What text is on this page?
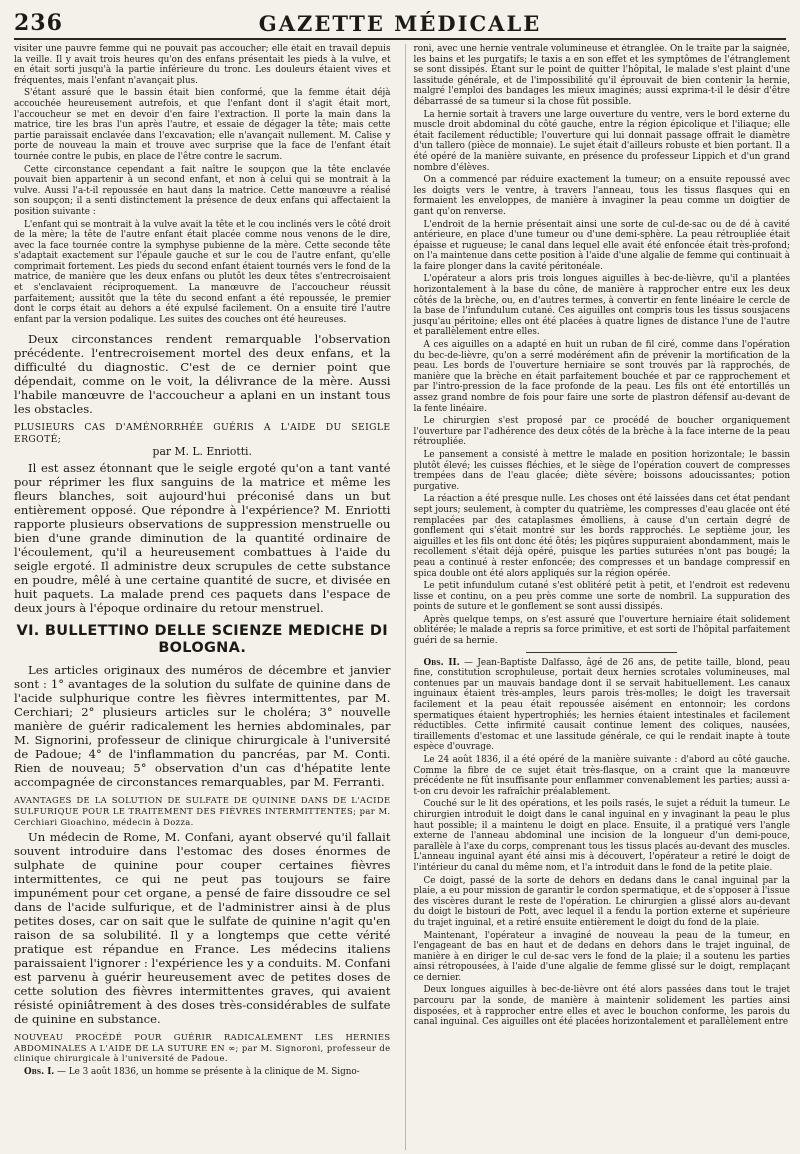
236	GAZETTE MÉDICALE

visiter une pauvre femme qui ne pouvait pas accoucher; elle était en travail depuis la veille. Il y avait trois heures qu'on des enfans présentait les pieds à la vulve, et en était sorti jusqu'à la partie inférieure du tronc. Les douleurs étaient vives et fréquentes, mais l'enfant n'avançait plus.

S'étant assuré que le bassin était bien conformé, que la femme était déjà accouchée heureusement autrefois, et que l'enfant dont il s'agit était mort, l'accoucheur se met en devoir d'en faire l'extraction. Il porte la main dans la matrice, tire les bras l'un après l'autre, et essaie de dégager la tête; mais cette partie paraissait enclavée dans l'excavation; elle n'avançait nullement. M. Calise y porte de nouveau la main et trouve avec surprise que la face de l'enfant était tournée contre le pubis, en place de l'être contre le sacrum.

Cette circonstance cependant a fait naître le soupçon que la tête enclavée pouvait bien appartenir à un second enfant, et non à celui qui se montrait à la vulve. Aussi l'a-t-il repoussée en haut dans la matrice. Cette manœuvre a réalisé son soupçon; il a senti distinctement la présence de deux enfans qui affectaient la position suivante :

L'enfant qui se montrait à la vulve avait la tête et le cou inclinés vers le côté droit de la mère; la tête de l'autre enfant était placée comme nous venons de le dire, avec la face tournée contre la symphyse pubienne de la mère. Cette seconde tête s'adaptait exactement sur l'épaule gauche et sur le cou de l'autre enfant, qu'elle comprimait fortement. Les pieds du second enfant étaient tournés vers le fond de la matrice, de manière que les deux enfans ou plutôt les deux têtes s'entrecroisaient et s'enclavaient réciproquement. La manœuvre de l'accoucheur réussit parfaitement; aussitôt que la tête du second enfant a été repoussée, le premier dont le corps était au dehors a été expulsé facilement. On a ensuite tiré l'autre enfant par la version podalique. Les suites des couches ont été heureuses.

Deux circonstances rendent remarquable l'observation précédente. l'entrecroisement mortel des deux enfans, et la difficulté du diagnostic. C'est de ce dernier point que dépendait, comme on le voit, la délivrance de la mère. Aussi l'habile manœuvre de l'accoucheur a aplani en un instant tous les obstacles.

PLUSIEURS CAS D'AMÉNORRHÉE GUÉRIS A L'AIDE DU SEIGLE ERGOTÉ;
par M. L. Enriotti.

Il est assez étonnant que le seigle ergoté qu'on a tant vanté pour réprimer les flux sanguins de la matrice et même les fleurs blanches, soit aujourd'hui préconisé dans un but entièrement opposé. Que répondre à l'expérience? M. Enriotti rapporte plusieurs observations de suppression menstruelle ou bien d'une grande diminution de la quantité ordinaire de l'écoulement, qu'il a heureusement combattues à l'aide du seigle ergoté. Il administre deux scrupules de cette substance en poudre, mêlé à une certaine quantité de sucre, et divisée en huit paquets. La malade prend ces paquets dans l'espace de deux jours à l'époque ordinaire du retour menstruel.

VI. BULLETTINO DELLE SCIENZE MEDICHE DI BOLOGNA.

Les articles originaux des numéros de décembre et janvier sont : 1° avantages de la solution du sulfate de quinine dans de l'acide sulphurique contre les fièvres intermittentes, par M. Cerchiari; 2° plusieurs articles sur le choléra; 3° nouvelle manière de guérir radicalement les hernies abdominales, par M. Signorini, professeur de clinique chirurgicale à l'université de Padoue; 4° de l'inflammation du pancréas, par M. Conti. Rien de nouveau; 5° observation d'un cas d'hépatite lente accompagnée de circonstances remarquables, par M. Ferranti.

AVANTAGES DE LA SOLUTION DE SULFATE DE QUININE DANS DE L'ACIDE SULFURIQUE POUR LE TRAITEMENT DES FIÈVRES INTERMITTENTES; par M. Cerchiari Gioachino, médecin à Dozza.

Un médecin de Rome, M. Confani, ayant observé qu'il fallait souvent introduire dans l'estomac des doses énormes de sulphate de quinine pour couper certaines fièvres intermittentes, ce qui ne peut pas toujours se faire impunément pour cet organe, a pensé de faire dissoudre ce sel dans de l'acide sulfurique, et de l'administrer ainsi à de plus petites doses, car on sait que le sulfate de quinine n'agit qu'en raison de sa solubilité. Il y a longtemps que cette vérité pratique est répandue en France. Les médecins italiens paraissaient l'ignorer : l'expérience les y a conduits. M. Confani est parvenu à guérir heureusement avec de petites doses de cette solution des fièvres intermittentes graves, qui avaient résisté opiniâtrement à des doses très-considérables de sulfate de quinine en substance.

NOUVEAU PROCÉDÉ POUR GUÉRIR RADICALEMENT LES HERNIES ABDOMINALES A L'AIDE DE LA SUTURE EN ∞; par M. Signoroni, professeur de clinique chirurgicale à l'université de Padoue.

Obs. I. — Le 3 août 1836, un homme se présente à la clinique de M. Signo-

roni, avec une hernie ventrale volumineuse et étranglée. On le traite par la saignée, les bains et les purgatifs; le taxis a en son effet et les symptômes de l'étranglement se sont dissipés. Étant sur le point de quitter l'hôpital, le malade s'est plaint d'une lassitude générale, et de l'impossibilité qu'il éprouvait de bien contenir la hernie, malgré l'emploi des bandages les mieux imaginés; aussi exprima-t-il le désir d'être débarrassé de sa tumeur si la chose fût possible.

La hernie sortait à travers une large ouverture du ventre, vers le bord externe du muscle droit abdominal du côté gauche, entre la région épicolique et l'iliaque; elle était facilement réductible; l'ouverture qui lui donnait passage offrait le diamètre d'un tallero (pièce de monnaie). Le sujet était d'ailleurs robuste et bien portant. Il a été opéré de la manière suivante, en présence du professeur Lippich et d'un grand nombre d'élèves.

On a commencé par réduire exactement la tumeur; on a ensuite repoussé avec les doigts vers le ventre, à travers l'anneau, tous les tissus flasques qui en formaient les enveloppes, de manière à invaginer la peau comme un doigtier de gant qu'on renverse.

L'endroit de la hernie présentait ainsi une sorte de cul-de-sac ou de dé à cavité antérieure, en place d'une tumeur ou d'une demi-sphère. La peau rétroupliée était épaisse et rugueuse; le canal dans lequel elle avait été enfoncée était très-profond; on l'a maintenue dans cette position à l'aide d'une algalie de femme qui continuait à la faire plonger dans la cavité péritonéale.

L'opérateur a alors pris trois longues aiguilles à bec-de-lièvre, qu'il a plantées horizontalement à la base du cône, de manière à rapprocher entre eux les deux côtés de la brèche, ou, en d'autres termes, à convertir en fente linéaire le cercle de la base de l'infundulum cutané. Ces aiguilles ont compris tous les tissus sousjacens jusqu'au péritoine; elles ont été placées à quatre lignes de distance l'une de l'autre et parallèlement entre elles.

A ces aiguilles on a adapté en huit un ruban de fil ciré, comme dans l'opération du bec-de-lièvre, qu'on a serré modérément afin de prévenir la mortification de la peau. Les bords de l'ouverture herniaire se sont trouvés par là rapprochés, de manière que la brèche en était parfaitement bouchée et par ce rapprochement et par l'intro-pression de la face profonde de la peau. Les fils ont été entortillés un assez grand nombre de fois pour faire une sorte de plastron défensif au-devant de la fente linéaire.

Le chirurgien s'est proposé par ce procédé de boucher organiquement l'ouverture par l'adhérence des deux côtés de la brèche à la face interne de la peau rétroupliée.

Le pansement a consisté à mettre le malade en position horizontale; le bassin plutôt élevé; les cuisses fléchies, et le siège de l'opération couvert de compresses trempées dans de l'eau glacée; diète sévère; boissons adoucissantes; potion purgative.

La réaction a été presque nulle. Les choses ont été laissées dans cet état pendant sept jours; seulement, à compter du quatrième, les compresses d'eau glacée ont été remplacées par des cataplasmes émolliens, à cause d'un certain degré de gonflement qui s'était montré sur les bords rapprochés. Le septième jour, les aiguilles et les fils ont donc été ôtés; les piqûres suppuraient abondamment, mais le recollement s'était déjà opéré, puisque les parties suturées n'ont pas bougé; la peau a continué à rester enfoncée; des compresses et un bandage compressif en spica double ont été alors appliqués sur la région opérée.

Le petit infundulum cutané s'est oblitéré petit à petit, et l'endroit est redevenu lisse et continu, on a peu près comme une sorte de nombril. La suppuration des points de suture et le gonflement se sont aussi dissipés.

Après quelque temps, on s'est assuré que l'ouverture herniaire était solidement oblitérée; le malade a repris sa force primitive, et est sorti de l'hôpital parfaitement guéri de sa hernie.

Obs. II. — Jean-Baptiste Dalfasso, âgé de 26 ans, de petite taille, blond, peau fine, constitution scrophuleuse, portait deux hernies scrotales volumineuses, mal contenues par un mauvais bandage dont il se servait habituellement. Les canaux inguinaux étaient très-amples, leurs parois très-molles; le doigt les traversait facilement et la peau était repoussée aisément en entonnoir; les cordons spermatiques étaient hypertrophiés; les hernies étaient intestinales et facilement réductibles. Cette infirmité causait continue lement des coliques, nausées, tiraillements d'estomac et une lassitude générale, ce qui le rendait inapte à toute espèce d'ouvrage.

Le 24 août 1836, il a été opéré de la manière suivante : d'abord au côté gauche. Comme la fibre de ce sujet était très-flasque, on a craint que la manœuvre précédente ne fût insuffisante pour enflammer convenablement les parties; aussi a-t-on cru devoir les rafraîchir préalablement.

Couché sur le lit des opérations, et les poils rasés, le sujet a réduit la tumeur. Le chirurgien introduit le doigt dans le canal inguinal en y invaginant la peau le plus haut possible; il a maintenu le doigt en place. Ensuite, il a pratiqué vers l'angle externe de l'anneau abdominal une incision de la longueur d'un demi-pouce, parallèle à l'axe du corps, comprenant tous les tissus placés au-devant des muscles. L'anneau inguinal ayant été ainsi mis à découvert, l'opérateur a retiré le doigt de l'intérieur du canal du même nom, et l'a introduit dans le fond de la petite plaie.

Ce doigt, passé de la sorte de dehors en dedans dans le canal inguinal par la plaie, a eu pour mission de garantir le cordon spermatique, et de s'opposer à l'issue des viscères durant le reste de l'opération. Le chirurgien a glissé alors au-devant du doigt le bistouri de Pott, avec lequel il a fendu la portion externe et supérieure du trajet inguinal, et a retiré ensuite entièrement le doigt du fond de la plaie.

Maintenant, l'opérateur a invaginé de nouveau la peau de la tumeur, en l'engageant de bas en haut et de dedans en dehors dans le trajet inguinal, de manière à en diriger le cul de-sac vers le fond de la plaie; il a soutenu les parties ainsi rétropousées, à l'aide d'une algalie de femme glissé sur le doigt, remplaçant ce dernier.

Deux longues aiguilles à bec-de-lièvre ont été alors passées dans tout le trajet parcouru par la sonde, de manière à maintenir solidement les parties ainsi disposées, et à rapprocher entre elles et avec le bouchon conforme, les parois du canal inguinal. Ces aiguilles ont été placées horizontalement et parallèlement entre
